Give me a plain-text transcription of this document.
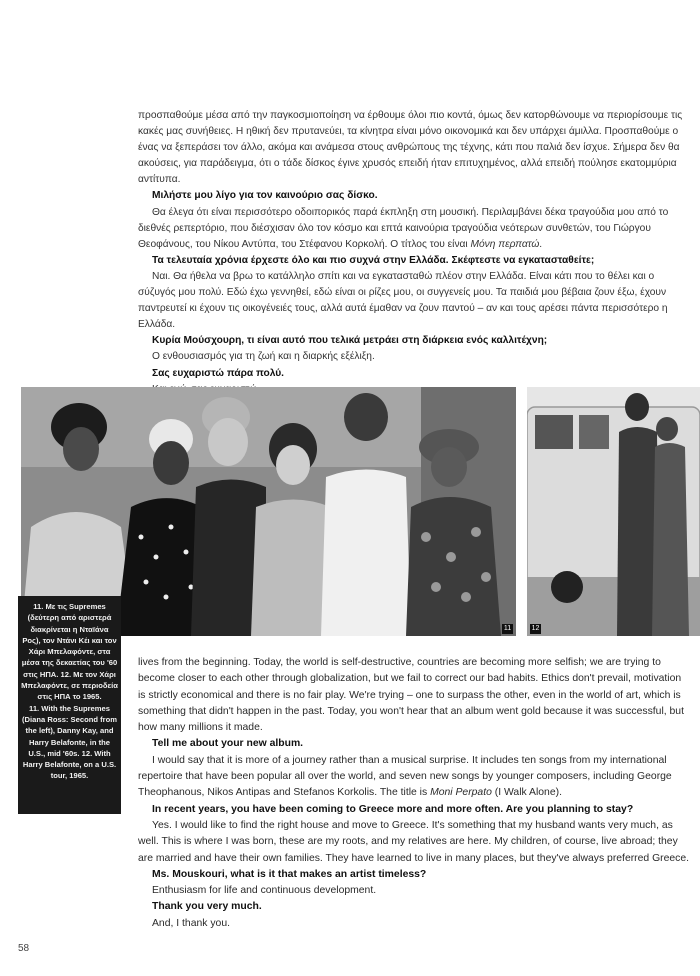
προσπαθούμε μέσα από την παγκοσμιοποίηση να έρθουμε όλοι πιο κοντά, όμως δεν κατορθώνουμε να περιορίσουμε τις κακές μας συνήθειες. Η ηθική δεν πρυτανεύει, τα κίνητρα είναι μόνο οικονομικά και δεν υπάρχει άμιλλα. Προσπαθούμε ο ένας να ξεπεράσει τον άλλο, ακόμα και ανάμεσα στους ανθρώπους της τέχνης, κάτι που παλιά δεν ίσχυε. Σήμερα δεν θα ακούσεις, για παράδειγμα, ότι ο τάδε δίσκος έγινε χρυσός επειδή ήταν επιτυχημένος, αλλά επειδή πούλησε εκατομμύρια αντίτυπα.

Μιλήστε μου λίγο για τον καινούριο σας δίσκο.

Θα έλεγα ότι είναι περισσότερο οδοιπορικός παρά έκπληξη στη μουσική. Περιλαμβάνει δέκα τραγούδια μου από το διεθνές ρεπερτόριο, που διέσχισαν όλο τον κόσμο και επτά καινούρια τραγούδια νεότερων συνθετών, του Γιώργου Θεοφάνους, του Νίκου Αντύπα, του Στέφανου Κορκολή. Ο τίτλος του είναι Μόνη περπατώ.

Τα τελευταία χρόνια έρχεστε όλο και πιο συχνά στην Ελλάδα. Σκέφτεστε να εγκατασταθείτε;

Ναι. Θα ήθελα να βρω το κατάλληλο σπίτι και να εγκατασταθώ πλέον στην Ελλάδα. Είναι κάτι που το θέλει και ο σύζυγός μου πολύ. Εδώ έχω γεννηθεί, εδώ είναι οι ρίζες μου, οι συγγενείς μου. Τα παιδιά μου βέβαια ζουν έξω, έχουν παντρευτεί κι έχουν τις οικογένειές τους, αλλά αυτά έμαθαν να ζουν παντού – αν και τους αρέσει πάντα περισσότερο η Ελλάδα.

Κυρία Μούσχουρη, τι είναι αυτό που τελικά μετράει στη διάρκεια ενός καλλιτέχνη;

Ο ενθουσιασμός για τη ζωή και η διαρκής εξέλιξη.

Σας ευχαριστώ πάρα πολύ.

11	12

11. Με τις Supremes (δεύτερη από αριστερά διακρίνεται η Νταϊάνα Ρος), τον Ντάνι Κέι και τον Χάρι Μπελαφόντε, στα μέσα της δεκαετίας του '60 στις ΗΠΑ. 12. Με τον Χάρι Μπελαφόντε, σε περιοδεία στις ΗΠΑ το 1965.

11. With the Supremes (Diana Ross: Second from the left), Danny Kay, and Harry Belafonte, in the U.S., mid '60s. 12. With Harry Belafonte, on a U.S. tour, 1965.

lives from the beginning. Today, the world is self-destructive, countries are becoming more selfish; we are trying to become closer to each other through globalization, but we fail to correct our bad habits. Ethics don't prevail, motivation is strictly economical and there is no fair play. We're trying – one to surpass the other, even in the world of art, which is something that didn't happen in the past. Today, you won't hear that an album went gold because it was successful, but how many millions it made.

Tell me about your new album.

I would say that it is more of a journey rather than a musical surprise. It includes ten songs from my international repertoire that have been popular all over the world, and seven new songs by younger composers, including George Theophanous, Nikos Antipas and Stefanos Korkolis. The title is Moni Perpato (I Walk Alone).

In recent years, you have been coming to Greece more and more often. Are you planning to stay?

Yes. I would like to find the right house and move to Greece. It's something that my husband wants very much, as well. This is where I was born, these are my roots, and my relatives are here. My children, of course, live abroad; they are married and have their own families. They have learned to live in many places, but they've always preferred Greece.

Ms. Mouskouri, what is it that makes an artist timeless?

Enthusiasm for life and continuous development.

Thank you very much.

And, I thank you.

58
